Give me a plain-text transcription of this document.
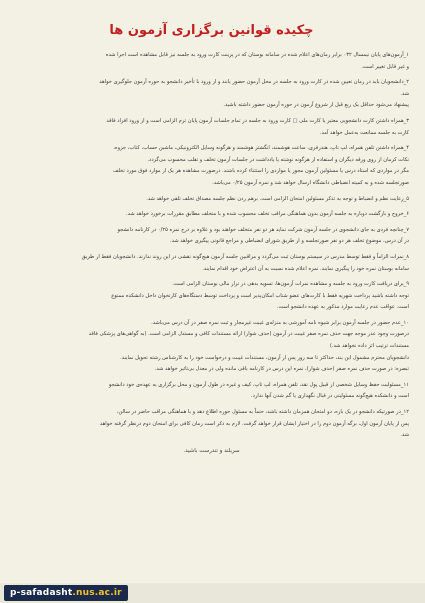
چکیده قوانین برگزاری آزمون ها
۱_آزمون‌های پایان نیمسال ۰۳۲ برابر زمان‌های اعلام شده در سامانه بوستان که در پرینت کارت ورود به جلسه نیز قابل مشاهده است اجرا شده
و غیر قابل تغییر است.
۲_دانشجویان باید در زمان تعیین شده در کارت ورود به جلسه در محل آزمون حضور یابند و از ورود با تأخیر دانشجو به حوزه آزمون جلوگیری خواهد
شد.
پیشنهاد می‌شود حداقل یک ربع قبل از شروع آزمون در حوزه آزمون حضور داشته باشید.
۳_همراه داشتن کارت دانشجویی معتبر یا کارت ملی □ کارت ورود به جلسه در تمام جلسات آزمون پایان ترم الزامی است و از ورود افراد فاقد
کارت به جلسه ممانعت به‌عمل خواهد آمد.
۴_همراه داشتن تلفن همراه، لپ تاپ، هندزفری، ساعت هوشمند، انگشتر هوشمند و هرگونه وسایل الکترونیکی، ماشین حساب، کتاب، جزوه،
نکات کرمان از روی ورقه دیگران و استفاده از هرگونه نوشته یا یادداشت در جلسات آزمون تخلف و تقلب محسوب می‌گردد.
مگر در مواردی که استاد درس یا مسئولین آزمون مجوز یا مواردی را استثناء کرده باشند. درصورت مشاهده هر یک از موارد فوق مورد تخلف
صورتجلسه شده و به کمیته انضباطی دانشگاه ارسال خواهد شد و نمره آزمون ۰/۲۵ می‌باشد.
۵_رعایت نظم و انضباط و توجه به تذکر مسئولین امتحان الزامی است. برهم زدن نظم جلسه مصداق تخلف تلقی خواهد شد.
۶_خروج و بازگشت دوباره به جلسه آزمون بدون هماهنگی مراقب تخلف محسوب شده و با متخلف مطابق مقررات برخورد خواهد شد.
۷_چنانچه فردی به جای دانشجوی در جلسه آزمون شرکت نماید هر دو نفر متخلف خواهند بود و علاوه بر درج نمره ۰/۲۵ در کارنامه دانشجو
در آن درس، موضوع تخلف هر دو نفر صورتجلسه و از طریق شورای انضباطی و مراجع قانونی پیگیری خواهد شد.
۸_نمرات الزاماً و فقط توسط مدرس در سیستم بوستان ثبت می‌گردد و مراقبین جلسه آزمون هیچ‌گونه نقشی در این روند ندارند. دانشجویان فقط از طریق
سامانه بوستان نمره خود را پیگیری نمایند. نمره اعلام شده نسبت به آن اعتراض خود اقدام نمایند.
۹_برای دریافت کارت ورود به جلسه و مشاهده نمرات آزمون‌ها، تسویه بدهی در تراز مالی بوستان الزامی است.
توجه داشته باشید پرداخت شهریه فقط با کارت‌های عضو شتاب امکان‌پذیر است و پرداخت توسط دستگاه‌های کارتخوان داخل دانشکده ممنوع
است. عواقب عدم رعایت موارد مذکور به عهده دانشجو است.
۱۰_عدم حضور در جلسه آزمون برابر شیوه نامه آموزشی به منزله‌ی غیبت غیرمجاز و ثبت نمره صفر در آن درس می‌باشد.
درصورت وجود عذر موجه جهت حذف نمره صفر غیبت در آزمون (حذف شوار) ارائه مستندات کافی و مستدل الزامی است. (به گواهی‌های پزشکی فاقد
مستندات ترتیب اثر داده نخواهد شد.)
دانشجویان محترم مشمول این بند، حداکثر تا سه روز پس از آزمون، مستندات غیبت و درخواست خود را به کارشناس رشته تحویل نمایند.
تبصره: در صورت حذف نمره صفر (حذف شوار)، نمره این درس در کارنامه باقی مانده ولی در معدل بی‌تاثیر خواهد شد.
۱۱_مسئولیت حفظ وسایل شخصی از قبیل پول نقد، تلفن همراه، لپ تاپ، کیف و غیره در طول آزمون و محل برگزاری به عهده‌ی خود دانشجو
است و دانشکده هیچ‌گونه مسئولیتی در قبال نگهداری یا گم شدن آنها ندارد.
۱۲_در صورتیکه دانشجو در یک بازه، دو امتحان همزمان داشته باشد، حتماً به مسئول حوزه اطلاع دهد و با هماهنگی مراقب حاضر در سالن،
پس از پایان آزمون اول، برگه آزمون دوم را در اختیار ایشان قرار خواهد گرفت. لازم به ذکر است زمان کافی برای امتحان دوم درنظر گرفته خواهد
شد.
سربلند و تندرست باشید.
p-safadasht.nus.ac.ir
